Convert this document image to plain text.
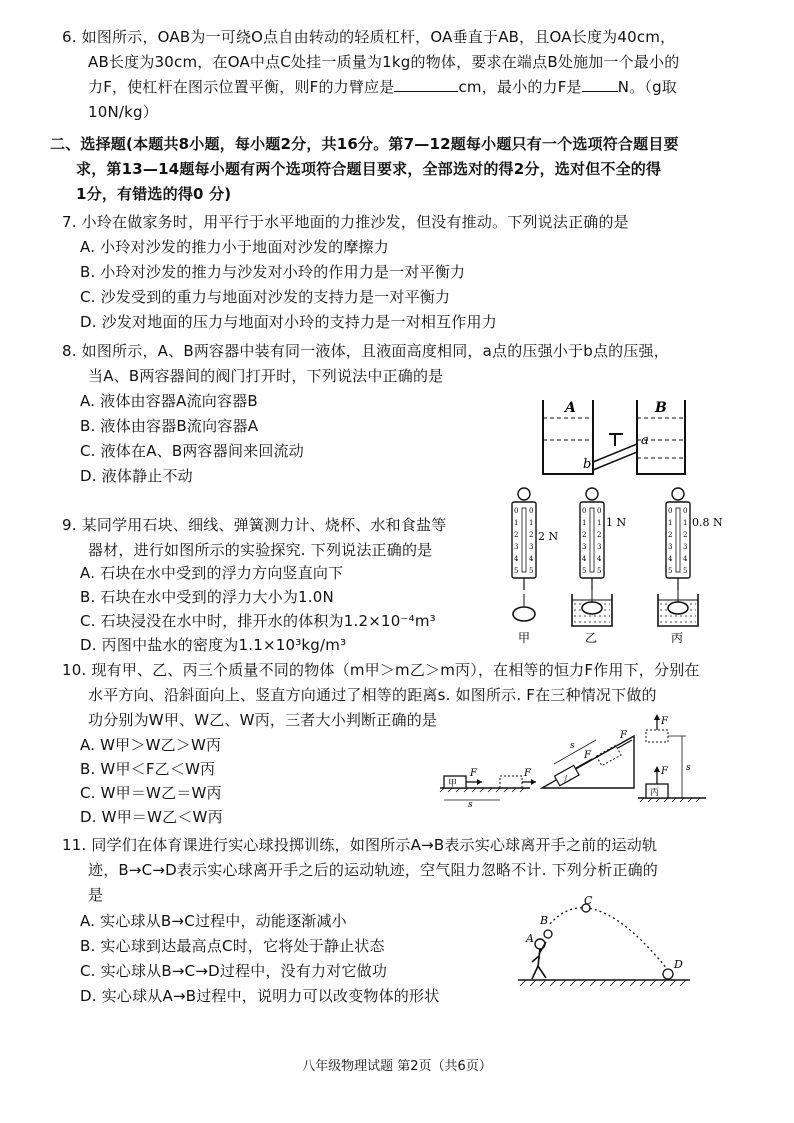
6. 如图所示，OAB为一可绕O点自由转动的轻质杠杆，OA垂直于AB，且OA长度为40cm，
AB长度为30cm，在OA中点C处挂一质量为1kg的物体，要求在端点B处施加一个最小的
力F，使杠杆在图示位置平衡，则F的力臂应是	cm，最小的力F是 N。（g取
10N/kg）
二、选择题(本题共8小题，每小题2分，共16分。第7—12题每小题只有一个选项符合题目要
求，第13—14题每小题有两个选项符合题目要求，全部选对的得2分，选对但不全的得
1分，有错选的得0 分)
7. 小玲在做家务时，用平行于水平地面的力推沙发，但没有推动。下列说法正确的是
A. 小玲对沙发的推力小于地面对沙发的摩擦力
B. 小玲对沙发的推力与沙发对小玲的作用力是一对平衡力
C. 沙发受到的重力与地面对沙发的支持力是一对平衡力
D. 沙发对地面的压力与地面对小玲的支持力是一对相互作用力
8. 如图所示，A、B两容器中装有同一液体，且液面高度相同，a点的压强小于b点的压强，
当A、B两容器间的阀门打开时，下列说法中正确的是
A. 液体由容器A流向容器B
B. 液体由容器B流向容器A
C. 液体在A、B两容器间来回流动
D. 液体静止不动
A	B
a
b
9. 某同学用石块、细线、弹簧测力计、烧杯、水和食盐等
器材，进行如图所示的实验探究. 下列说法正确的是
A. 石块在水中受到的浮力方向竖直向下
B. 石块在水中受到的浮力大小为1.0N
C. 石块浸没在水中时，排开水的体积为1.2×10⁻⁴m³
D. 丙图中盐水的密度为1.1×10³kg/m³
0 0
1 1
2 2
3 3
4 4
5 5
0 0
1 1
2 2
3 3
4 4
5 5
0 0
1 1
2 2
3 3
4 4
5 5
2 N
1 N	0.8 N
甲	乙	丙
10. 现有甲、乙、丙三个质量不同的物体（m甲＞m乙＞m丙），在相等的恒力F作用下，分别在
水平方向、沿斜面向上、竖直方向通过了相等的距离s. 如图所示. F在三种情况下做的
功分别为W甲、W乙、W丙，三者大小判断正确的是
A. W甲＞W乙＞W丙
B. W甲＜F乙＜W丙
C. W甲＝W乙＝W丙
D. W甲＝W乙＜W丙
甲
F	F
s
乙
F
F
s
丙
F
F
s
11. 同学们在体育课进行实心球投掷训练，如图所示A→B表示实心球离开手之前的运动轨
迹，B→C→D表示实心球离开手之后的运动轨迹，空气阻力忽略不计. 下列分析正确的
是
A. 实心球从B→C过程中，动能逐渐减小
B. 实心球到达最高点C时，它将处于静止状态
C. 实心球从B→C→D过程中，没有力对它做功
D. 实心球从A→B过程中，说明力可以改变物体的形状
A
B
C
D
八年级物理试题 第2页（共6页）
